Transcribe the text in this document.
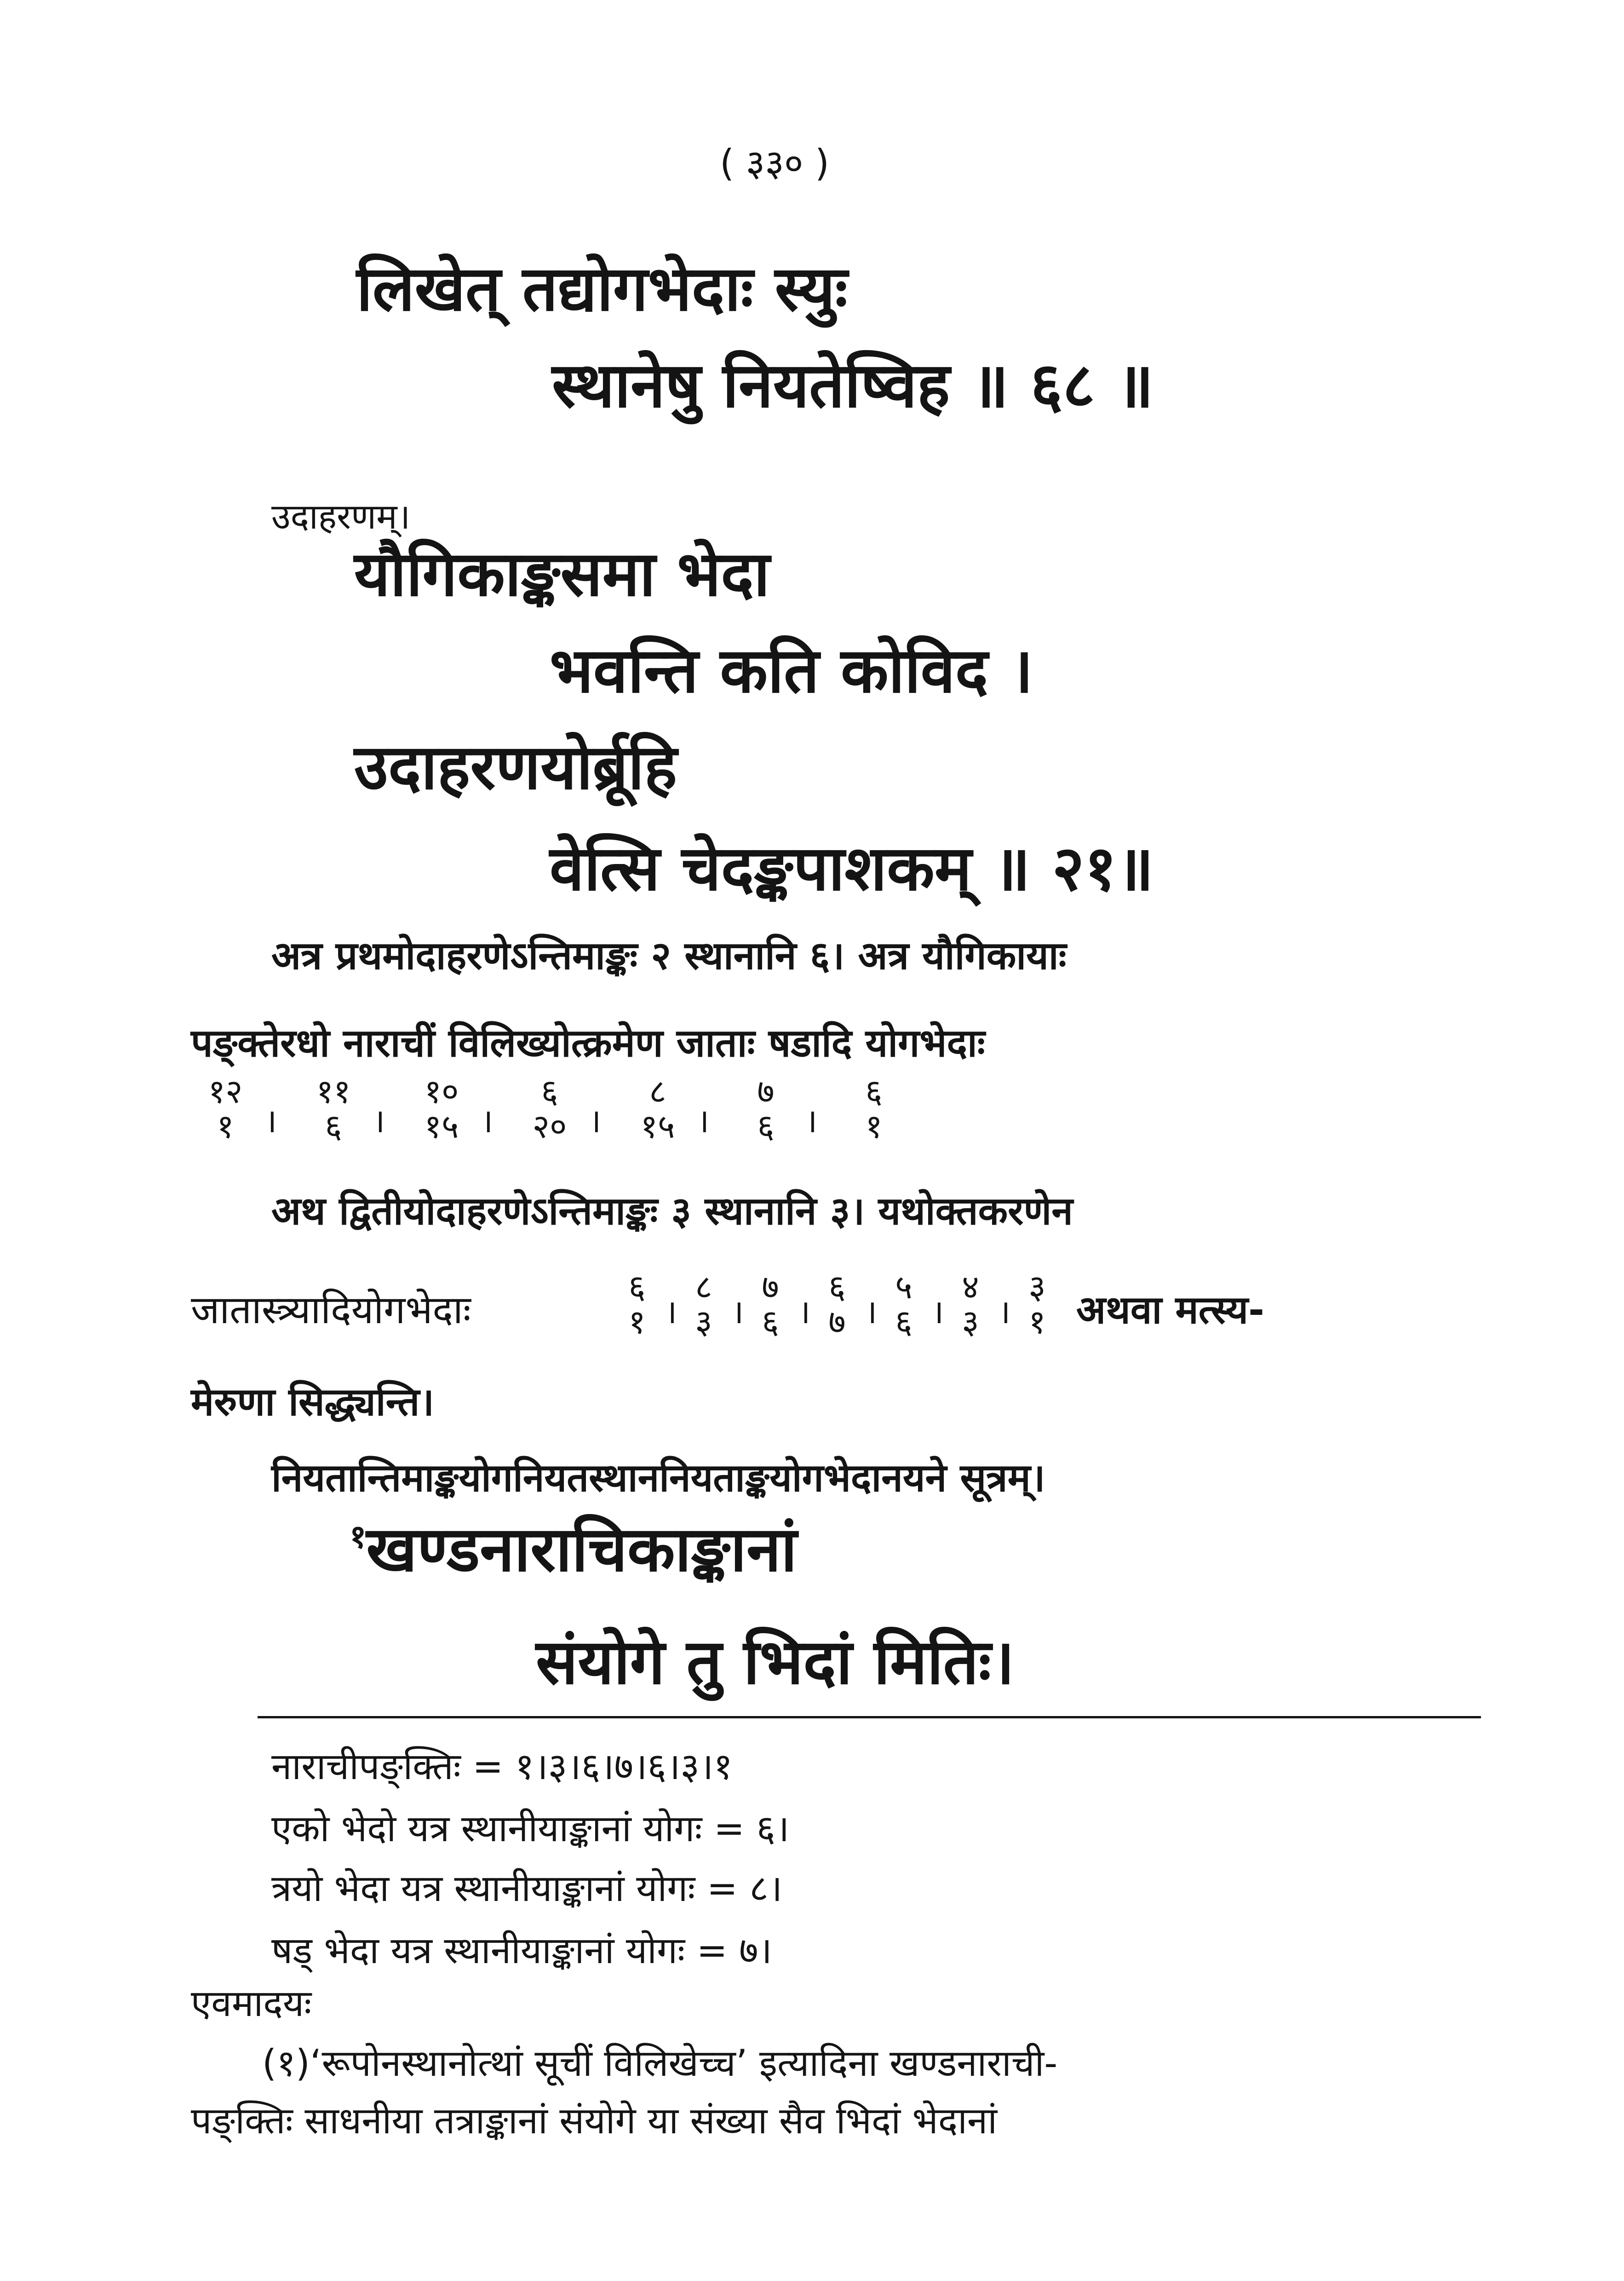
( ३३० )
लिखेत् तद्योगभेदाः स्युः
स्थानेषु नियतेष्विह ॥ ६८ ॥
उदाहरणम्।
यौगिकाङ्कसमा भेदा
भवन्ति कति कोविद ।
उदाहरणयोर्ब्रूहि
वेत्सि चेदङ्कपाशकम् ॥ २१॥
अत्र प्रथमोदाहरणेऽन्तिमाङ्कः २ स्थानानि ६। अत्र यौगिकायाः
पङ्क्तेरधो नाराचीं विलिख्योत्क्रमेण जाताः षडादि योगभेदाः
१२
१ ।
११
६ ।
१०
१५ ।
६
२० ।
८
१५ ।
७
६ ।
६
१
अथ द्वितीयोदाहरणेऽन्तिमाङ्कः ३ स्थानानि ३। यथोक्तकरणेन
जातास्त्र्यादियोगभेदाः
६
१ ।
८
३ ।
७
६ ।
६
७ ।
५
६ ।
४
३ ।
३
१ अथवा मत्स्य-
मेरुणा सिद्ध्यन्ति।
नियतान्तिमाङ्कयोगनियतस्थाननियताङ्कयोगभेदानयने सूत्रम्।
$^१$खण्डनाराचिकाङ्कानां
संयोगे तु भिदां मितिः।
नाराचीपङ्क्तिः = १।३।६।७।६।३।१
एको भेदो यत्र स्थानीयाङ्कानां योगः = ६।
त्रयो भेदा यत्र स्थानीयाङ्कानां योगः = ८।
षड् भेदा यत्र स्थानीयाङ्कानां योगः = ७।
एवमादयः
(१)‘रूपोनस्थानोत्थां सूचीं विलिखेच्च’ इत्यादिना खण्डनाराची-
पङ्क्तिः साधनीया तत्राङ्कानां संयोगे या संख्या सैव भिदां भेदानां
